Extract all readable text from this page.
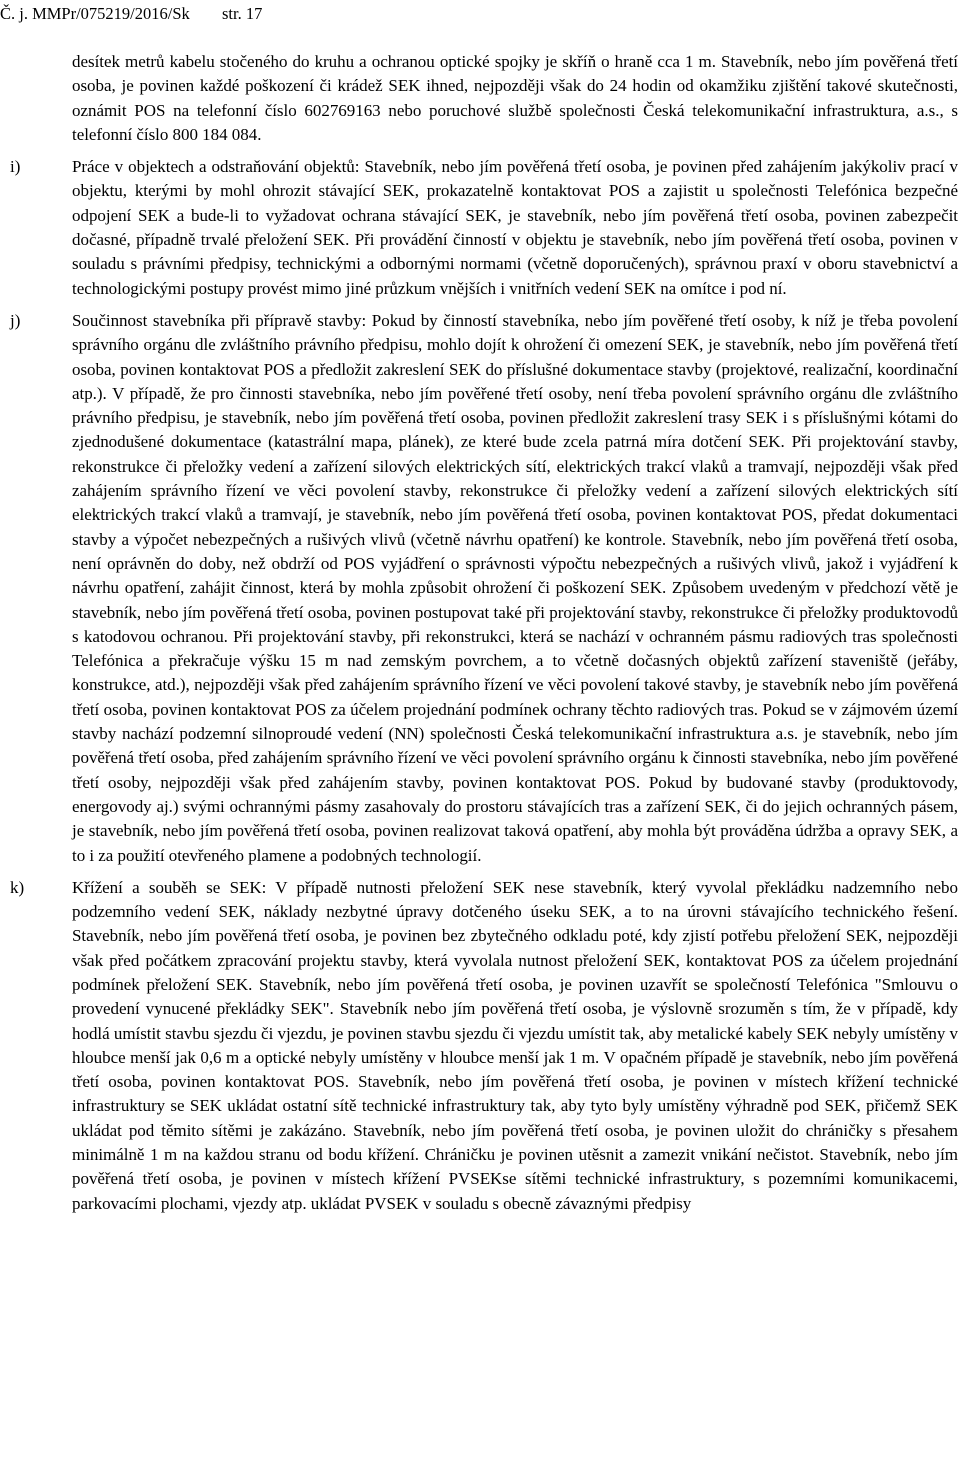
Č. j. MMPr/075219/2016/Sk str. 17

desítek metrů kabelu stočeného do kruhu a ochranou optické spojky je skříň o hraně cca 1 m. Stavebník, nebo jím pověřená třetí osoba, je povinen každé poškození či krádež SEK ihned, nejpozději však do 24 hodin od okamžiku zjištění takové skutečnosti, oznámit POS na telefonní číslo 602769163 nebo poruchové službě společnosti Česká telekomunikační infrastruktura, a.s., s telefonní číslo 800 184 084.

i)	Práce v objektech a odstraňování objektů: Stavebník, nebo jím pověřená třetí osoba, je povinen před zahájením jakýkoliv prací v objektu, kterými by mohl ohrozit stávající SEK, prokazatelně kontaktovat POS a zajistit u společnosti Telefónica bezpečné odpojení SEK a bude-li to vyžadovat ochrana stávající SEK, je stavebník, nebo jím pověřená třetí osoba, povinen zabezpečit dočasné, případně trvalé přeložení SEK. Při provádění činností v objektu je stavebník, nebo jím pověřená třetí osoba, povinen v souladu s právními předpisy, technickými a odbornými normami (včetně doporučených), správnou praxí v oboru stavebnictví a technologickými postupy provést mimo jiné průzkum vnějších i vnitřních vedení SEK na omítce i pod ní.

j)	Součinnost stavebníka při přípravě stavby: Pokud by činností stavebníka, nebo jím pověřené třetí osoby, k níž je třeba povolení správního orgánu dle zvláštního právního předpisu, mohlo dojít k ohrožení či omezení SEK, je stavebník, nebo jím pověřená třetí osoba, povinen kontaktovat POS a předložit zakreslení SEK do příslušné dokumentace stavby (projektové, realizační, koordinační atp.). V případě, že pro činnosti stavebníka, nebo jím pověřené třetí osoby, není třeba povolení správního orgánu dle zvláštního právního předpisu, je stavebník, nebo jím pověřená třetí osoba, povinen předložit zakreslení trasy SEK i s příslušnými kótami do zjednodušené dokumentace (katastrální mapa, plánek), ze které bude zcela patrná míra dotčení SEK. Při projektování stavby, rekonstrukce či přeložky vedení a zařízení silových elektrických sítí, elektrických trakcí vlaků a tramvají, nejpozději však před zahájením správního řízení ve věci povolení stavby, rekonstrukce či přeložky vedení a zařízení silových elektrických sítí elektrických trakcí vlaků a tramvají, je stavebník, nebo jím pověřená třetí osoba, povinen kontaktovat POS, předat dokumentaci stavby a výpočet nebezpečných a rušivých vlivů (včetně návrhu opatření) ke kontrole. Stavebník, nebo jím pověřená třetí osoba, není oprávněn do doby, než obdrží od POS vyjádření o správnosti výpočtu nebezpečných a rušivých vlivů, jakož i vyjádření k návrhu opatření, zahájit činnost, která by mohla způsobit ohrožení či poškození SEK. Způsobem uvedeným v předchozí větě je stavebník, nebo jím pověřená třetí osoba, povinen postupovat také při projektování stavby, rekonstrukce či přeložky produktovodů s katodovou ochranou. Při projektování stavby, při rekonstrukci, která se nachází v ochranném pásmu radiových tras společnosti Telefónica a překračuje výšku 15 m nad zemským povrchem, a to včetně dočasných objektů zařízení staveniště (jeřáby, konstrukce, atd.), nejpozději však před zahájením správního řízení ve věci povolení takové stavby, je stavebník nebo jím pověřená třetí osoba, povinen kontaktovat POS za účelem projednání podmínek ochrany těchto radiových tras. Pokud se v zájmovém území stavby nachází podzemní silnoproudé vedení (NN) společnosti Česká telekomunikační infrastruktura a.s. je stavebník, nebo jím pověřená třetí osoba, před zahájením správního řízení ve věci povolení správního orgánu k činnosti stavebníka, nebo jím pověřené třetí osoby, nejpozději však před zahájením stavby, povinen kontaktovat POS. Pokud by budované stavby (produktovody, energovody aj.) svými ochrannými pásmy zasahovaly do prostoru stávajících tras a zařízení SEK, či do jejich ochranných pásem, je stavebník, nebo jím pověřená třetí osoba, povinen realizovat taková opatření, aby mohla být prováděna údržba a opravy SEK, a to i za použití otevřeného plamene a podobných technologií.

k)	Křížení a souběh se SEK: V případě nutnosti přeložení SEK nese stavebník, který vyvolal překládku nadzemního nebo podzemního vedení SEK, náklady nezbytné úpravy dotčeného úseku SEK, a to na úrovni stávajícího technického řešení. Stavebník, nebo jím pověřená třetí osoba, je povinen bez zbytečného odkladu poté, kdy zjistí potřebu přeložení SEK, nejpozději však před počátkem zpracování projektu stavby, která vyvolala nutnost přeložení SEK, kontaktovat POS za účelem projednání podmínek přeložení SEK. Stavebník, nebo jím pověřená třetí osoba, je povinen uzavřít se společností Telefónica "Smlouvu o provedení vynucené překládky SEK". Stavebník nebo jím pověřená třetí osoba, je výslovně srozuměn s tím, že v případě, kdy hodlá umístit stavbu sjezdu či vjezdu, je povinen stavbu sjezdu či vjezdu umístit tak, aby metalické kabely SEK nebyly umístěny v hloubce menší jak 0,6 m a optické nebyly umístěny v hloubce menší jak 1 m. V opačném případě je stavebník, nebo jím pověřená třetí osoba, povinen kontaktovat POS. Stavebník, nebo jím pověřená třetí osoba, je povinen v místech křížení technické infrastruktury se SEK ukládat ostatní sítě technické infrastruktury tak, aby tyto byly umístěny výhradně pod SEK, přičemž SEK ukládat pod těmito sítěmi je zakázáno. Stavebník, nebo jím pověřená třetí osoba, je povinen uložit do chráničky s přesahem minimálně 1 m na každou stranu od bodu křížení. Chráničku je povinen utěsnit a zamezit vnikání nečistot. Stavebník, nebo jím pověřená třetí osoba, je povinen v místech křížení PVSEKse sítěmi technické infrastruktury, s pozemními komunikacemi, parkovacími plochami, vjezdy atp. ukládat PVSEK v souladu s obecně závaznými předpisy
